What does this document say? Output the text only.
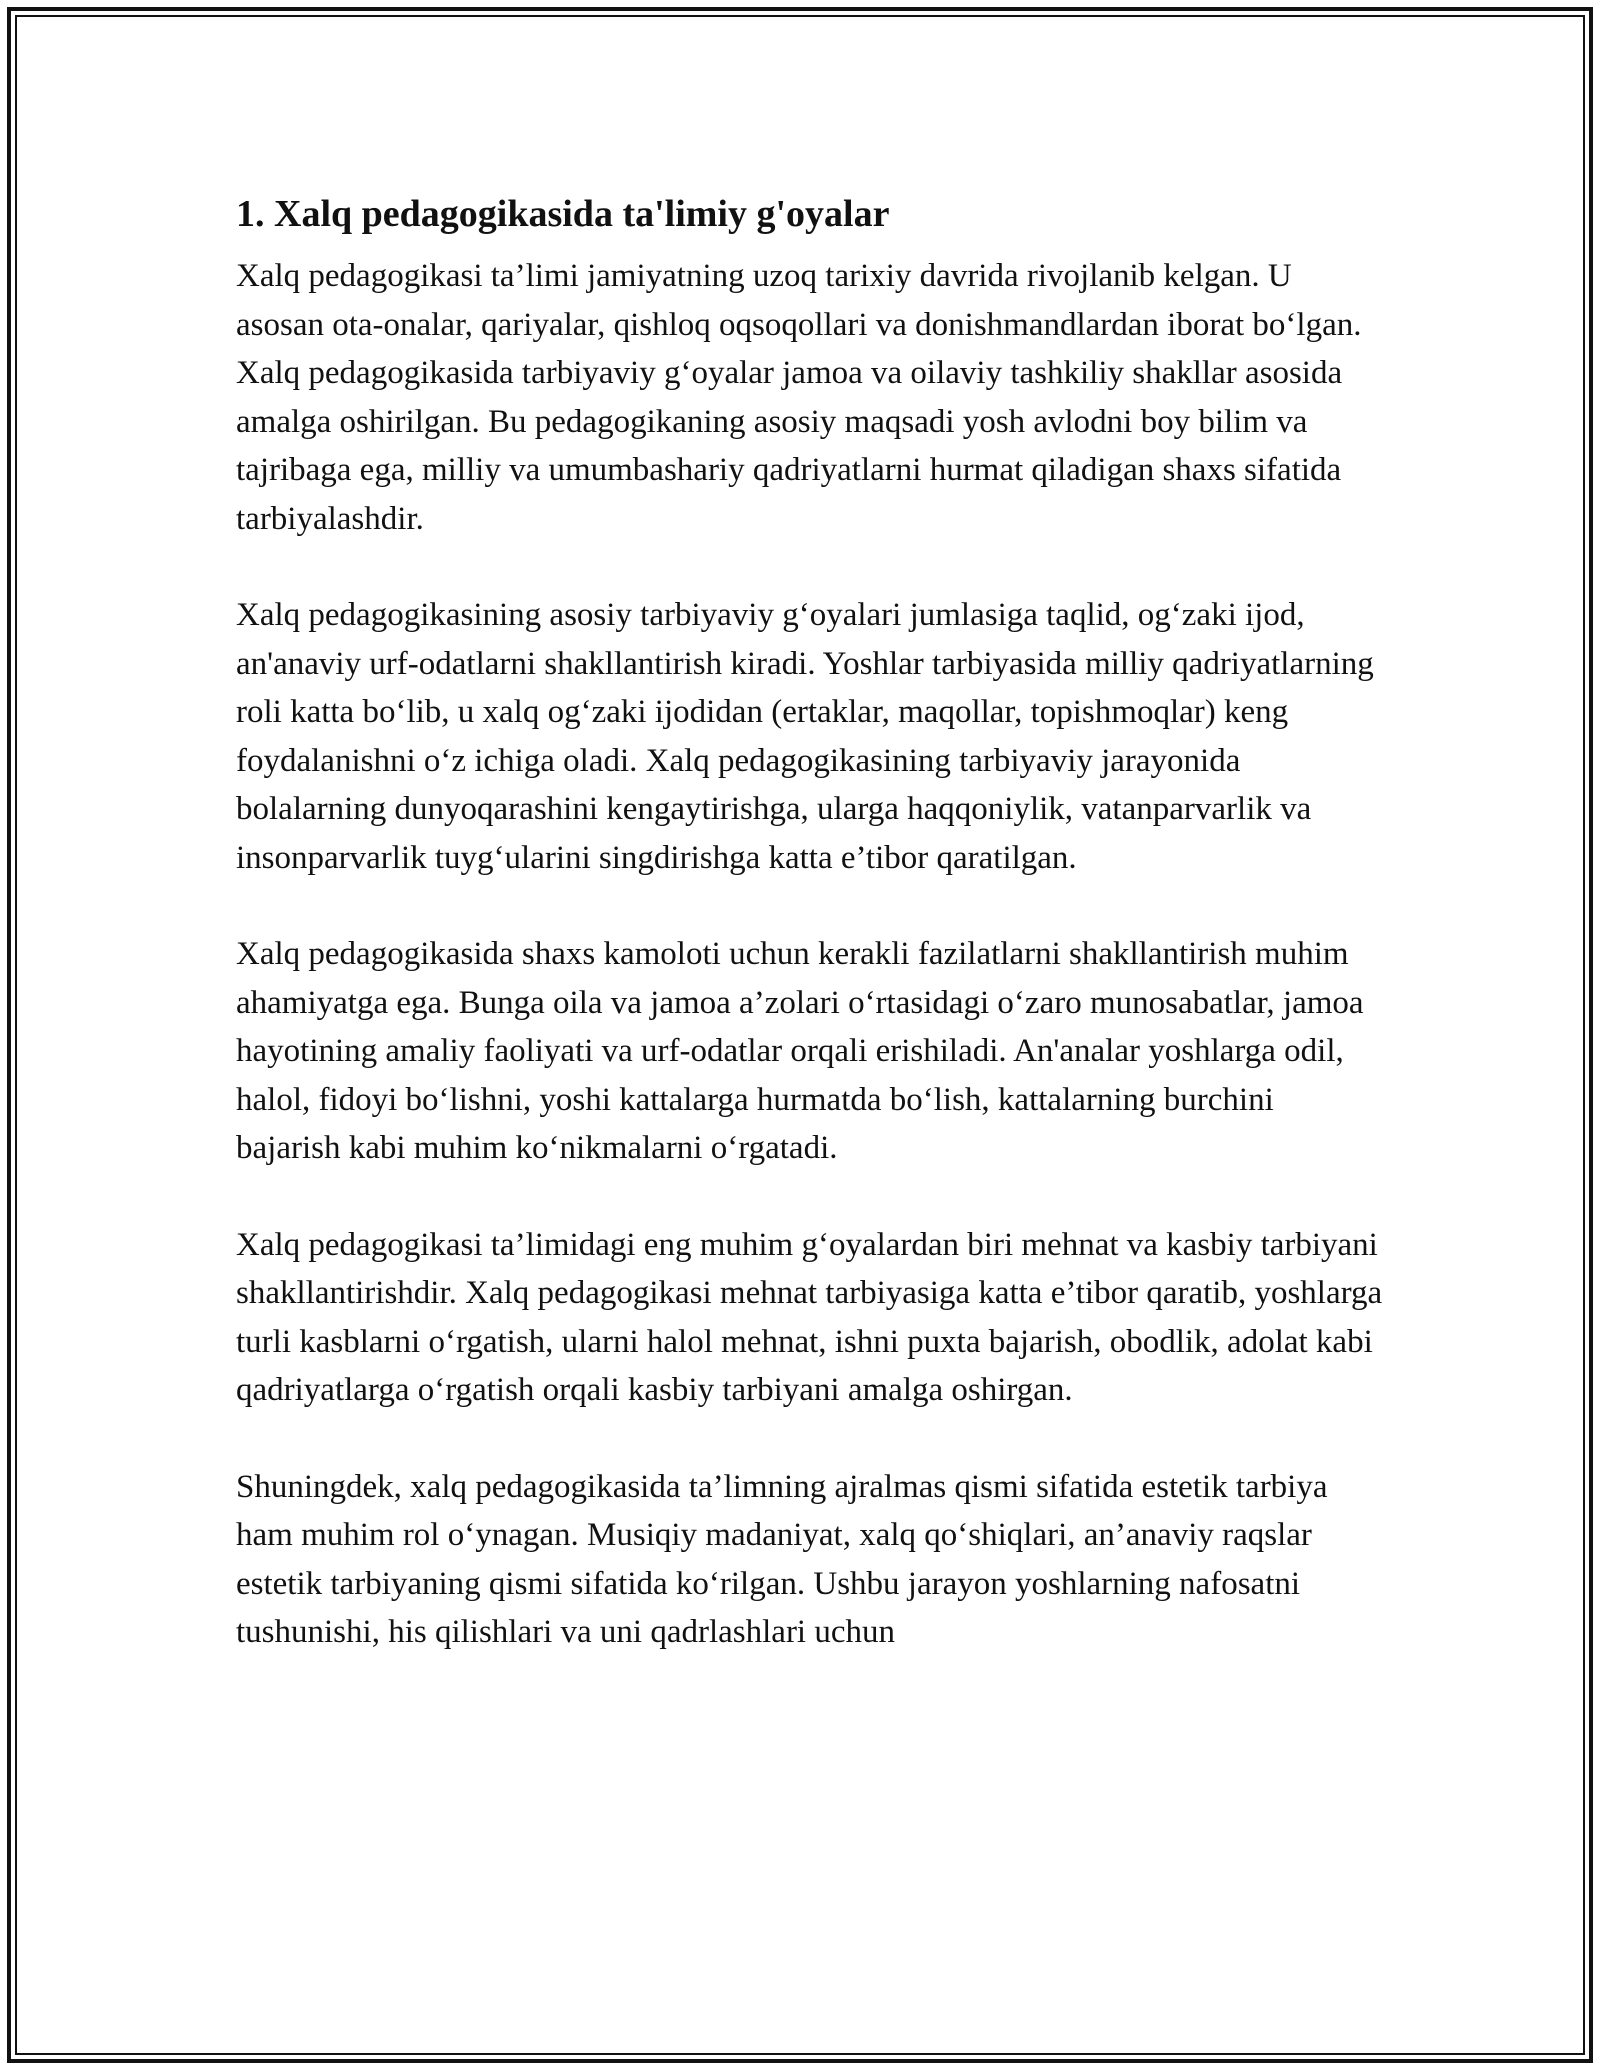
1. Xalq pedagogikasida ta'limiy g'oyalar

Xalq pedagogikasi ta’limi jamiyatning uzoq tarixiy davrida rivojlanib kelgan. U asosan ota-onalar, qariyalar, qishloq oqsoqollari va donishmandlardan iborat bo‘lgan. Xalq pedagogikasida tarbiyaviy g‘oyalar jamoa va oilaviy tashkiliy shakllar asosida amalga oshirilgan. Bu pedagogikaning asosiy maqsadi yosh avlodni boy bilim va tajribaga ega, milliy va umumbashariy qadriyatlarni hurmat qiladigan shaxs sifatida tarbiyalashdir.

Xalq pedagogikasining asosiy tarbiyaviy g‘oyalari jumlasiga taqlid, og‘zaki ijod, an'anaviy urf-odatlarni shakllantirish kiradi. Yoshlar tarbiyasida milliy qadriyatlarning roli katta bo‘lib, u xalq og‘zaki ijodidan (ertaklar, maqollar, topishmoqlar) keng foydalanishni o‘z ichiga oladi. Xalq pedagogikasining tarbiyaviy jarayonida bolalarning dunyoqarashini kengaytirishga, ularga haqqoniylik, vatanparvarlik va insonparvarlik tuyg‘ularini singdirishga katta e’tibor qaratilgan.

Xalq pedagogikasida shaxs kamoloti uchun kerakli fazilatlarni shakllantirish muhim ahamiyatga ega. Bunga oila va jamoa a’zolari o‘rtasidagi o‘zaro munosabatlar, jamoa hayotining amaliy faoliyati va urf-odatlar orqali erishiladi. An'analar yoshlarga odil, halol, fidoyi bo‘lishni, yoshi kattalarga hurmatda bo‘lish, kattalarning burchini bajarish kabi muhim ko‘nikmalarni o‘rgatadi.

Xalq pedagogikasi ta’limidagi eng muhim g‘oyalardan biri mehnat va kasbiy tarbiyani shakllantirishdir. Xalq pedagogikasi mehnat tarbiyasiga katta e’tibor qaratib, yoshlarga turli kasblarni o‘rgatish, ularni halol mehnat, ishni puxta bajarish, obodlik, adolat kabi qadriyatlarga o‘rgatish orqali kasbiy tarbiyani amalga oshirgan.

Shuningdek, xalq pedagogikasida ta’limning ajralmas qismi sifatida estetik tarbiya ham muhim rol o‘ynagan. Musiqiy madaniyat, xalq qo‘shiqlari, an’anaviy raqslar estetik tarbiyaning qismi sifatida ko‘rilgan. Ushbu jarayon yoshlarning nafosatni tushunishi, his qilishlari va uni qadrlashlari uchun
